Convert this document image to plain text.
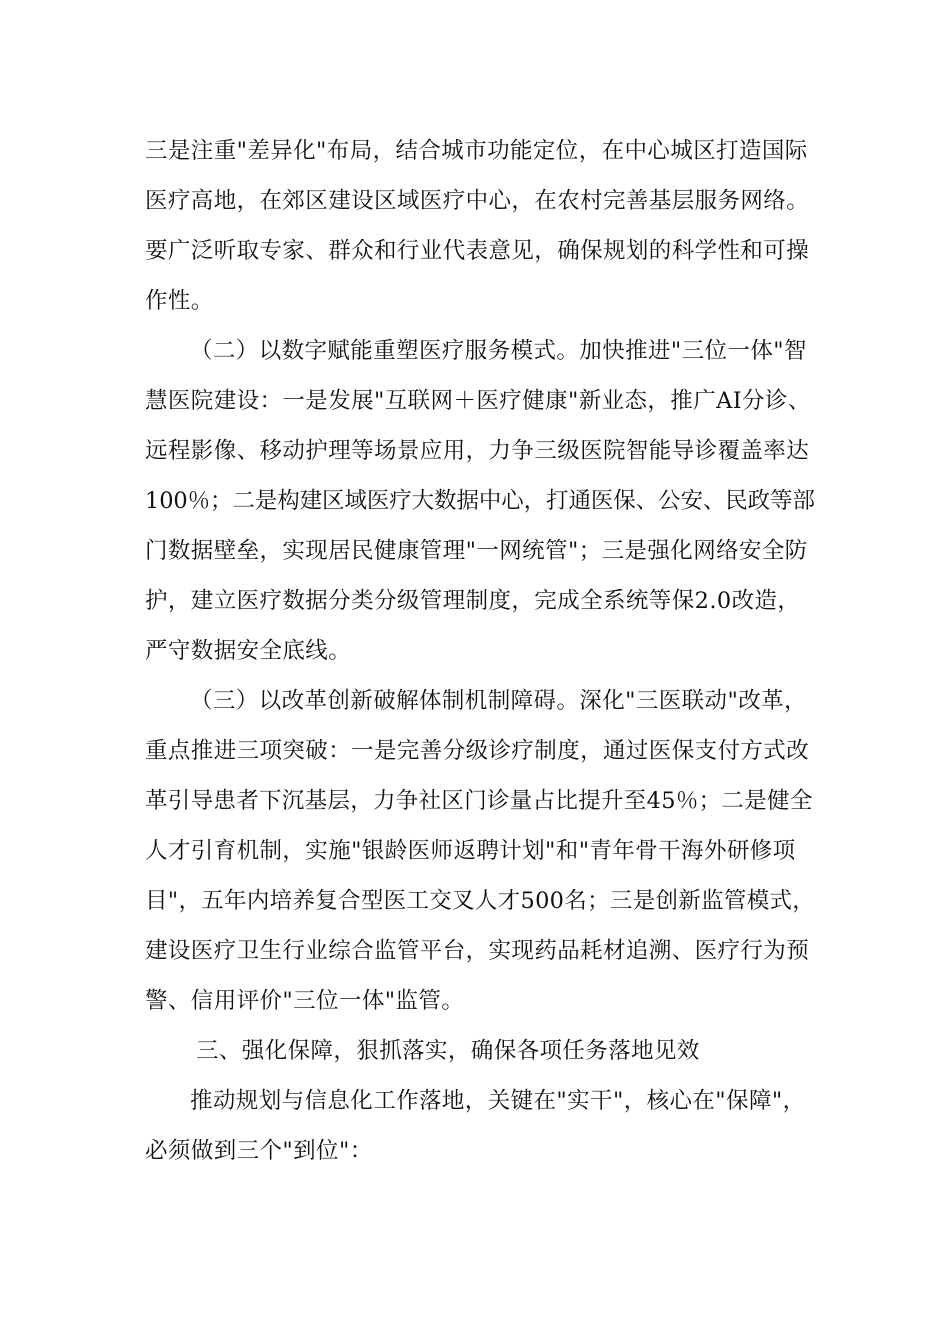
三是注重"差异化"布局，结合城市功能定位，在中心城区打造国际
医疗高地，在郊区建设区域医疗中心，在农村完善基层服务网络。
要广泛听取专家、群众和行业代表意见，确保规划的科学性和可操
作性。
（二）以数字赋能重塑医疗服务模式。加快推进"三位一体"智
慧医院建设：一是发展"互联网＋医疗健康"新业态，推广AI分诊、
远程影像、移动护理等场景应用，力争三级医院智能导诊覆盖率达
100％；二是构建区域医疗大数据中心，打通医保、公安、民政等部
门数据壁垒，实现居民健康管理"一网统管"；三是强化网络安全防
护，建立医疗数据分类分级管理制度，完成全系统等保2.0改造，
严守数据安全底线。
（三）以改革创新破解体制机制障碍。深化"三医联动"改革，
重点推进三项突破：一是完善分级诊疗制度，通过医保支付方式改
革引导患者下沉基层，力争社区门诊量占比提升至45％；二是健全
人才引育机制，实施"银龄医师返聘计划"和"青年骨干海外研修项
目"，五年内培养复合型医工交叉人才500名；三是创新监管模式，
建设医疗卫生行业综合监管平台，实现药品耗材追溯、医疗行为预
警、信用评价"三位一体"监管。
三、强化保障，狠抓落实，确保各项任务落地见效
推动规划与信息化工作落地，关键在"实干"，核心在"保障"，
必须做到三个"到位"：
